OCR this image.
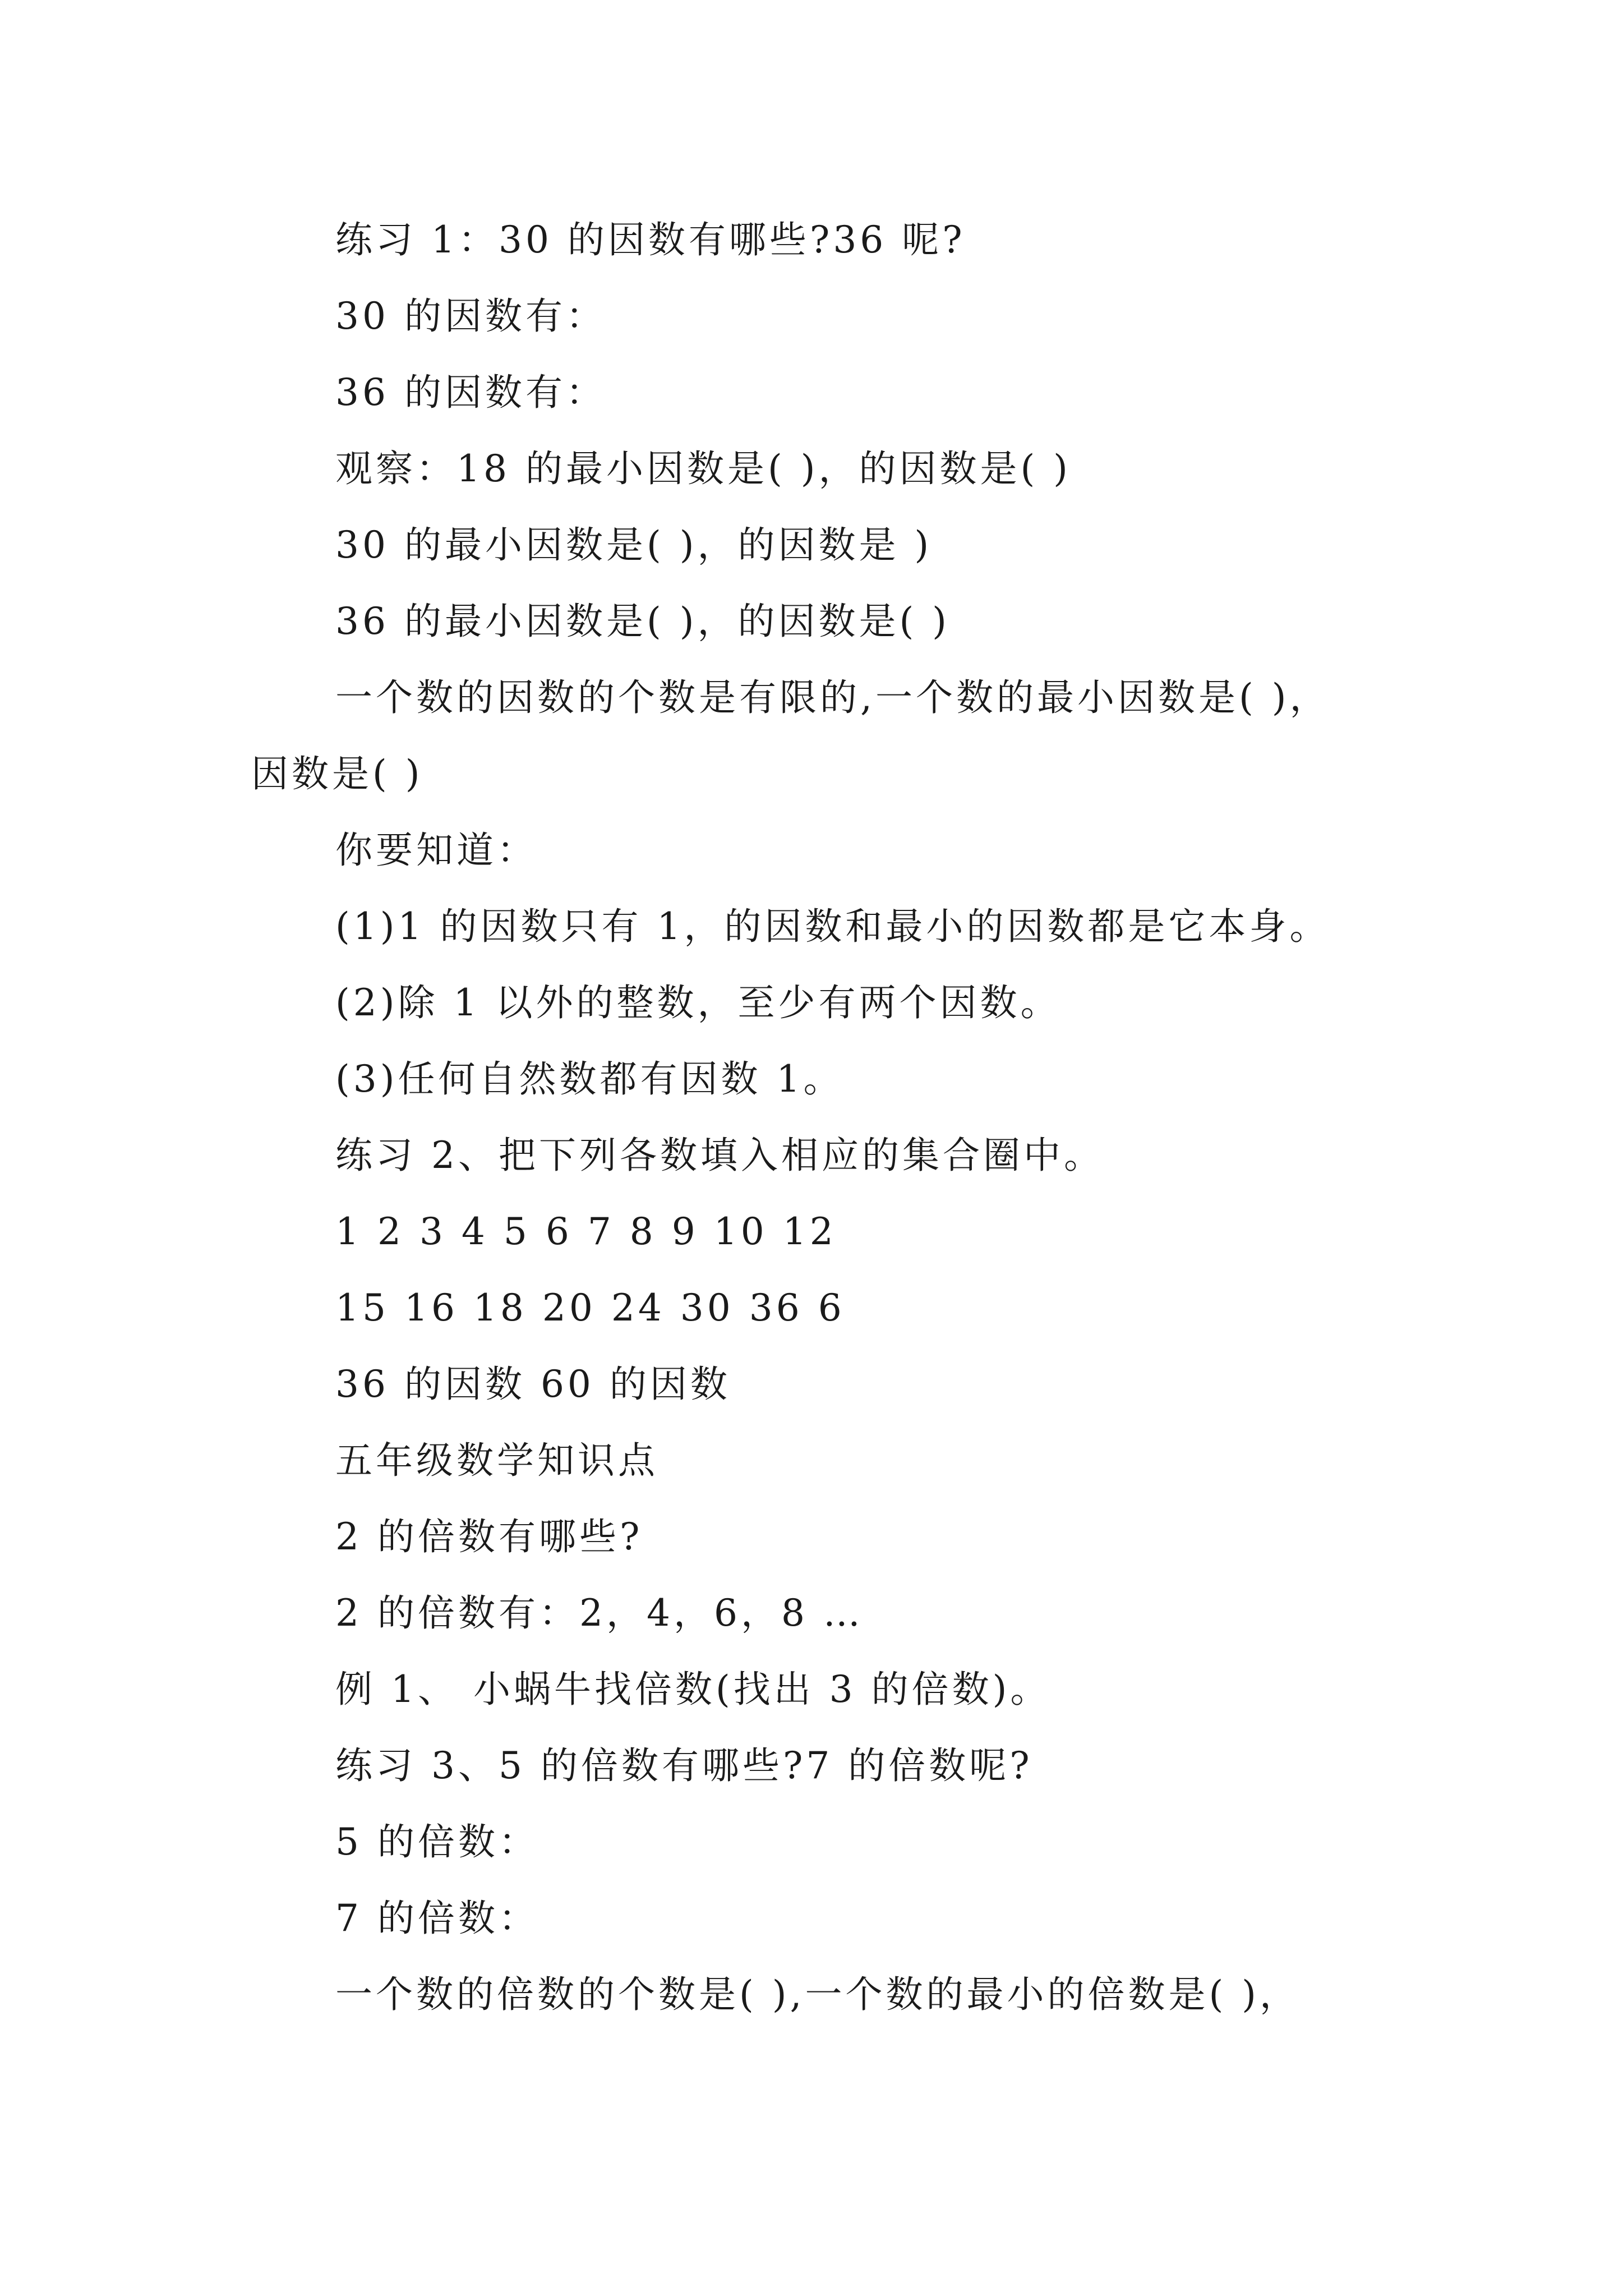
练习 1：30 的因数有哪些?36 呢?
30 的因数有：
36 的因数有：
观察：18 的最小因数是( )，的因数是( )
30 的最小因数是( )，的因数是 )
36 的最小因数是( )，的因数是( )
一个数的因数的个数是有限的,一个数的最小因数是( )，
因数是( )
你要知道：
(1)1 的因数只有 1，的因数和最小的因数都是它本身。
(2)除 1 以外的整数，至少有两个因数。
(3)任何自然数都有因数 1。
练习 2、把下列各数填入相应的集合圈中。
1 2 3 4 5 6 7 8 9 10 12
15 16 18 20 24 30 36 6
36 的因数 60 的因数
五年级数学知识点
2 的倍数有哪些?
2 的倍数有：2，4，6，8 …
例 1、 小蜗牛找倍数(找出 3 的倍数)。
练习 3、5 的倍数有哪些?7 的倍数呢?
5 的倍数：
7 的倍数：
一个数的倍数的个数是( ),一个数的最小的倍数是( )，
